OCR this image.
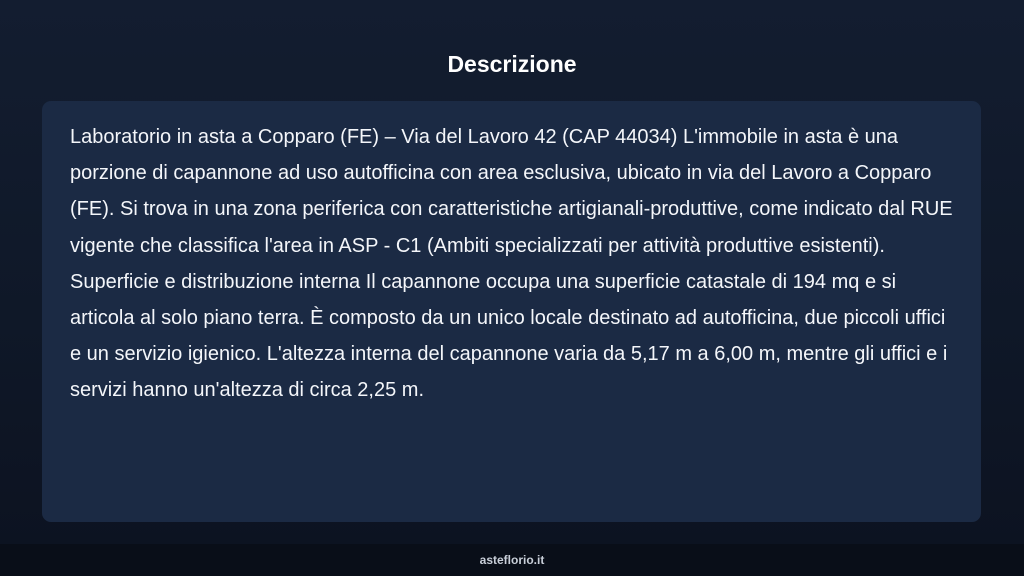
Descrizione

Laboratorio in asta a Copparo (FE) – Via del Lavoro 42 (CAP 44034) L'immobile in asta è una porzione di capannone ad uso autofficina con area esclusiva, ubicato in via del Lavoro a Copparo (FE). Si trova in una zona periferica con caratteristiche artigianali-produttive, come indicato dal RUE vigente che classifica l'area in ASP - C1 (Ambiti specializzati per attività produttive esistenti). Superficie e distribuzione interna Il capannone occupa una superficie catastale di 194 mq e si articola al solo piano terra. È composto da un unico locale destinato ad autofficina, due piccoli uffici e un servizio igienico. L'altezza interna del capannone varia da 5,17 m a 6,00 m, mentre gli uffici e i servizi hanno un'altezza di circa 2,25 m.

asteflorio.it
